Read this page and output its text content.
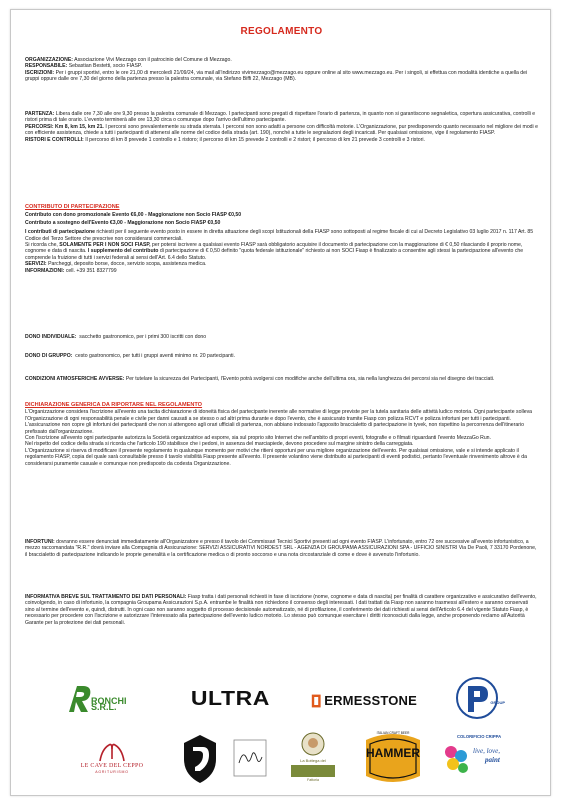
REGOLAMENTO

ORGANIZZAZIONE: Associazione Vivi Mezzago con il patrocinio del Comune di Mezzago.

RESPONSABILE: Sebastian Bestetti, socio FIASP.

ISCRIZIONI: Per i gruppi sportivi, entro le ore 21,00 di mercoledì 21/09/24, via mail all'indirizzo vivimezzago@mezzago.eu oppure online al sito www.mezzago.eu. Per i singoli, si effettua con modalità identiche a quella dei gruppi oppure dalle ore 7,30 del giorno della partenza presso la palestra comunale, via Stefano Biffi 22, Mezzago (MB).

PARTENZA: Libera dalle ore 7,30 alle ore 9,30 presso la palestra comunale di Mezzago. I partecipanti sono pregati di rispettare l'orario di partenza, in quanto non si garantiscono segnaletica, copertura assicurativa, controlli e ristori prima di tale orario. L'evento terminerà alle ore 13,30 circa o comunque dopo l'arrivo dell'ultimo partecipante.

PERCORSI: Km 8, km 15, km 21. I percorsi sono prevalentemente su strada sterrata. I percorsi non sono adatti a persone con difficoltà motorie. L'Organizzazione, pur predisponendo quanto necessario nel migliore dei modi e con efficiente assistenza, chiede a tutti i partecipanti di attenersi alle norme del codice della strada (art. 190), nonché a tutte le segnalazioni degli incaricati. Per qualsiasi omissione, vige il regolamento FIASP.

RISTORI E CONTROLLI: Il percorso di km 8 prevede 1 controllo e 1 ristoro; il percorso di km 15 prevede 2 controlli e 2 ristori; il percorso di km 21 prevede 3 controlli e 3 ristori.

CONTRIBUTO DI PARTECIPAZIONE

Contributo con dono promozionale Evento €6,00 - Maggiorazione non Socio FIASP €0,50

Contributo a sostegno dell'Evento €3,00 - Maggiorazione non Socio FIASP €0,50

I contributi di partecipazione richiesti per il seguente evento posto in essere in diretta attuazione degli scopi Istituzionali della FIASP sono sottoposti al regime fiscale di cui al Decreto Legislativo 03 luglio 2017 n. 117 Art. 85 Codice del Terzo Settore che prescrive non considerarsi commerciali.

Si ricorda che, SOLAMENTE PER I NON SOCI FIASP, per potersi iscrivere a qualsiasi evento FIASP sarà obbligatorio acquisire il documento di partecipazione con la maggiorazione di € 0,50 rilasciando il proprio nome, cognome e data di nascita. I supplemento del contributo di partecipazione di € 0,50 definito "quota federale istituzionale" richiesto ai non SOCI Fiasp è finalizzato a consentire agli stessi la partecipazione all'evento che comprende la fruizione di tutti i servizi federali ai sensi dell'Art. 6.4 dello Statuto.

SERVIZI: Parcheggi, deposito borse, docce, servizio scopa, assistenza medica.

INFORMAZIONI: cell. +39 351 8327799

DONO INDIVIDUALE: sacchetto gastronomico, per i primi 300 iscritti con dono

DONO DI GRUPPO: cesto gastronomico, per tutti i gruppi aventi minimo nr. 20 partecipanti.

CONDIZIONI ATMOSFERICHE AVVERSE: Per tutelare la sicurezza dei Partecipanti, l'Evento potrà svolgersi con modifiche anche dell'ultima ora, sia nella lunghezza dei percorsi sia nel disegno dei tracciati.

DICHIARAZIONE GENERICA DA RIPORTARE NEL REGOLAMENTO

L'Organizzazione considera l'iscrizione all'evento una tacita dichiarazione di idoneità fisica del partecipante inerente alle normative di legge previste per la tutela sanitaria delle attività ludico motoria. Ogni partecipante solleva l'Organizzazione di ogni responsabilità penale e civile per danni causati a se stesso o ad altri prima durante e dopo l'evento, che è assicurato tramite Fiasp con polizza RCVT e polizza infortuni per tutti i partecipanti. L'assicurazione non copre gli infortuni dei partecipanti che non si attengono agli orari ufficiali di partenza, non abbiano indossato l'apposito braccialetto di partecipazione in tyvek, non rispettino la percorrenza dell'itinerario prefissato dall'organizzazione.

Con l'iscrizione all'evento ogni partecipante autorizza la Società organizzatrice ad esporre, sia sul proprio sito Internet che nell'ambito di propri eventi, fotografie e o filmati riguardanti l'evento MezzaGo Run.

Nel rispetto del codice della strada si ricorda che l'articolo 190 stabilisce che i pedoni, in assenza del marciapiede, devono procedere sul margine sinistro della carreggiata.

L'Organizzazione si riserva di modificare il presente regolamento in qualunque momento per motivi che ritieni opportuni per una migliore organizzazione dell'evento. Per qualsiasi omissione, vale e si intende applicato il regolamento FIASP, copia del quale sarà consultabile presso il tavolo visibilità Fiasp presente all'evento. Il presente volantino viene distribuito ai partecipanti di eventi podistici, pertanto l'eventuale rinvenimento altrove è da considerarsi puramente casuale e comunque non predisposto da codesta Organizzazione.

INFORTUNI: dovranno essere denunciati immediatamente all'Organizzatore e presso il tavolo dei Commissari Tecnici Sportivi presenti ad ogni evento FIASP. L'infortunato, entro 72 ore successive all'evento infortunistico, a mezzo raccomandata "R.R." dovrà inviare alla Compagnia di Assicurazione: SERVIZI ASSICURATIVI NORDEST SRL - AGENZIA DI GROUPAMA ASSICURAZIONI SPA - UFFICIO SINISTRI Via De Paoli, 7 33170 Pordenone, il braccialetto di partecipazione indicando le proprie generalità e la certificazione medica o di pronto soccorso e una nota circostanziale di come e dove è avvenuto l'infortunio.

INFORMATIVA BREVE SUL TRATTAMENTO DEI DATI PERSONALI: Fiasp tratta i dati personali richiesti in fase di iscrizione (nome, cognome e data di nascita) per finalità di carattere organizzativo e assicurativo dell'evento, coinvolgendo, in caso di infortunio, la compagnia Groupama Assicurazioni S.p.A. entrambe le finalità non richiedono il consenso degli interessati. I dati trattati da Fiasp non saranno trasmessi all'estero e saranno conservati sino al termine dell'evento e, quindi, distrutti. In ogni caso non saranno soggetto di processo decisionale automatizzato, né di profilazione, il conferimento dei dati richiesti ai sensi dell'Articolo 6.4 del vigente Statuto Fiasp, è necessario per procedere con l'iscrizione e autorizzare l'interessato alla partecipazione dell'evento ludico motorio. Lo stesso può comunque esercitare i diritti riconosciuti dalla legge, anche proponendo reclamo all'Autorità Garante per la protezione dei dati personali.

RONCHI S.R.L.	ULTRA	ERMESSTONE	GROUP
LE CAVE DEL CEPPO
AGRITURISMO
La Bottega del
Fattoria
HAMMER
ITALIAN CRAFT BEER
COLORIFICIO CRIPPA
live, love,
paint
